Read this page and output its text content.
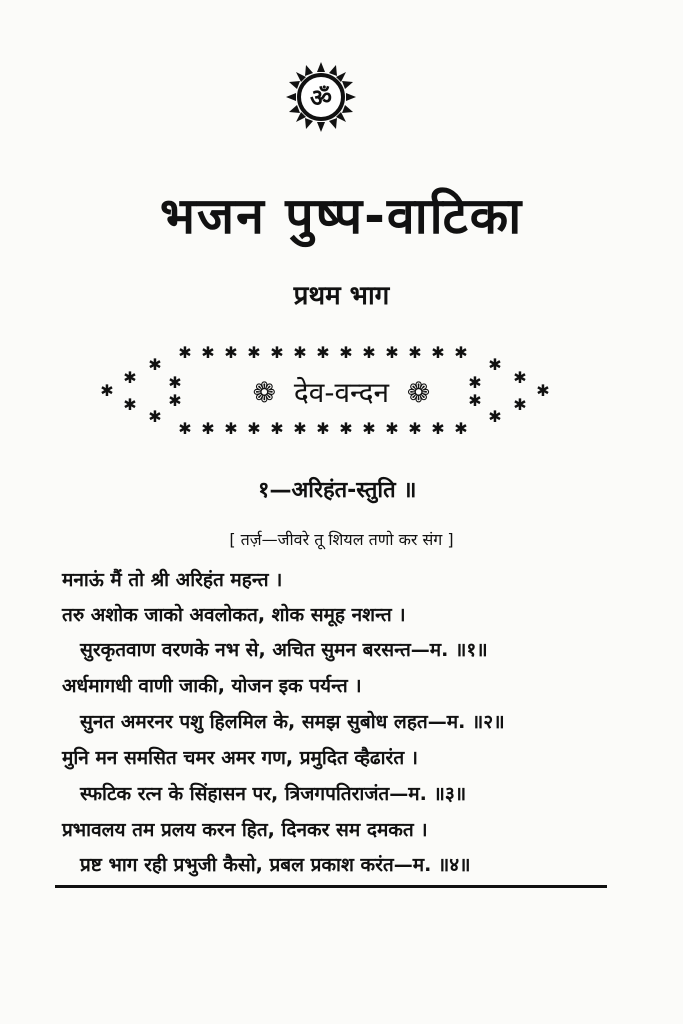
ॐ
भजन पुष्प-वाटिका
प्रथम भाग
✱
✱
✱
✱
✱
✱
✱
✱
✱
✱
✱
✱
✱
✱
✱
✱
✱
✱
✱
✱
✱
✱
✱
✱
✱
✱
✱
✱
✱
✱
✱
✱
✱
✱
✱
✱
✱
✱
✱
✱
❁ देव-वन्दन ❁
१—अरिहंत-स्तुति ॥
[ तर्ज़—जीवरे तू शियल तणो कर संग ]
मनाऊं मैं तो श्री अरिहंत महन्त ।
तरु अशोक जाको अवलोकत, शोक समूह नशन्त ।
सुरकृतवाण वरणके नभ से, अचित सुमन बरसन्त—म. ॥१॥
अर्धमागधी वाणी जाकी, योजन इक पर्यन्त ।
सुनत अमरनर पशु हिलमिल के, समझ सुबोध लहत—म. ॥२॥
मुनि मन समसित चमर अमर गण, प्रमुदित व्हैढारंत ।
स्फटिक रत्न के सिंहासन पर, त्रिजगपतिराजंत—म. ॥३॥
प्रभावलय तम प्रलय करन हित, दिनकर सम दमकत ।
प्रष्ट भाग रही प्रभुजी कैसो, प्रबल प्रकाश करंत—म. ॥४॥
